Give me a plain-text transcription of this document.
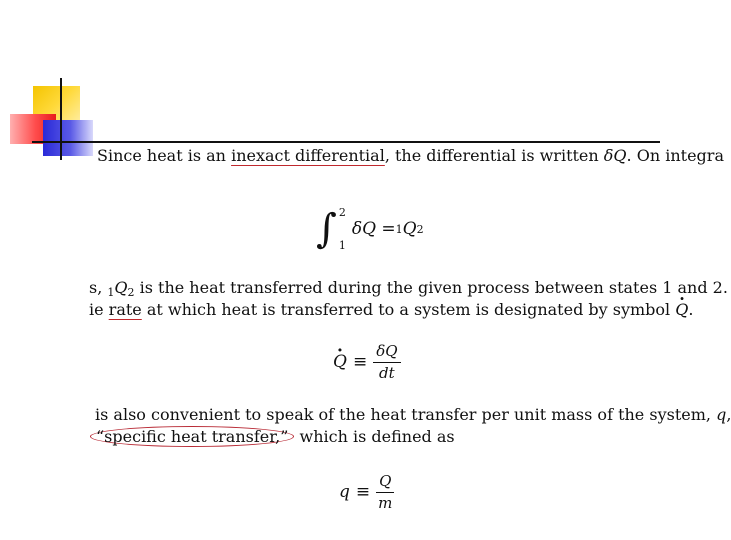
Since heat is an inexact differential, the differential is written δQ. On integra
∫ 2
1
δQ = 1 Q 2
s, $_1Q_2$ is the heat transferred during the given process between states 1 and 2.
ie rate at which heat is transferred to a system is designated by symbol · Q.
· $Q \equiv \frac{\delta Q}{dt}$
is also convenient to speak of the heat transfer per unit mass of the system, q,
“specific heat transfer,” which is defined as
$q \equiv \frac{Q}{m}$
